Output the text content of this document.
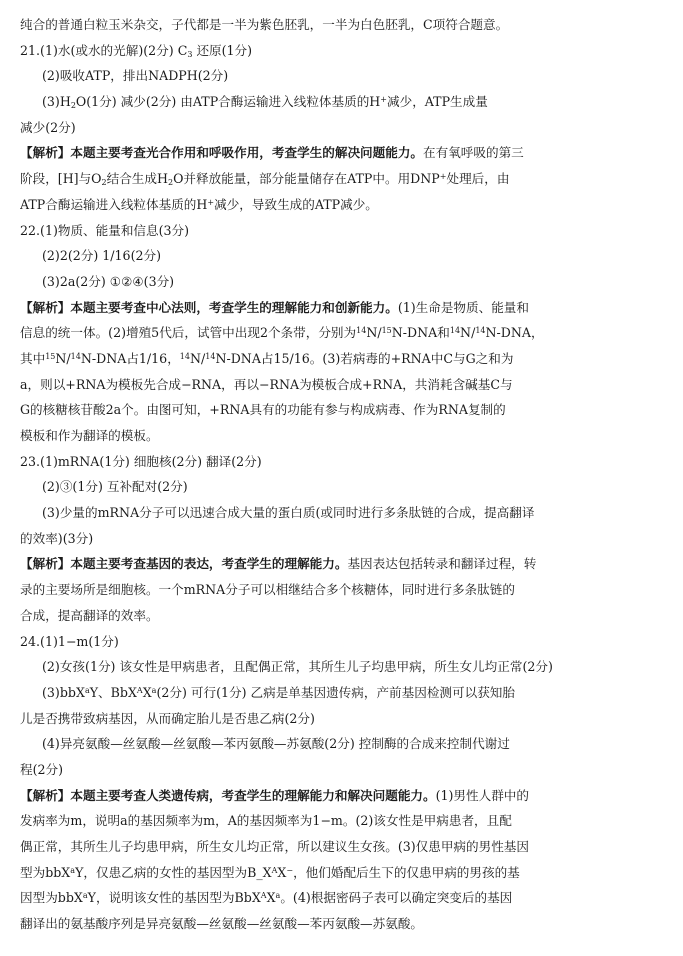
纯合的普通白粒玉米杂交，子代都是一半为紫色胚乳，一半为白色胚乳，C项符合题意。
21.(1)水(或水的光解)(2分) $C_3$ 还原(1分)
(2)吸收ATP，排出NADPH(2分)
$(3)H_2O(1$分) 减少(2分) 由ATP合酶运输进入线粒体基质的H+减少，ATP生成量
减少(2分)
【解析】本题主要考查光合作用和呼吸作用，考查学生的解决问题能力。在有氧呼吸的第三
阶段，[H]与$O_2$结合生成$H_2O$并释放能量，部分能量储存在ATP中。用DNP+处理后，由
ATP合酶运输进入线粒体基质的H+减少，导致生成的ATP减少。
22.(1)物质、能量和信息(3分)
(2)2(2分) 1/16(2分)
(3)2a(2分) ①②④(3分)
【解析】本题主要考查中心法则，考查学生的理解能力和创新能力。(1)生命是物质、能量和
信息的统一体。(2)增殖5代后，试管中出现2个条带，分别为$^{14}$N/$^{15}$N-DNA和$^{14}$N/$^{14}$N-DNA，
其中$^{15}$N/$^{14}$N-DNA占1/16，$^{14}$N/$^{14}$N-DNA占15/16。(3)若病毒的+RNA中C与G之和为
a，则以+RNA为模板先合成−RNA，再以−RNA为模板合成+RNA，共消耗含碱基C与
G的核糖核苷酸2a个。由图可知，+RNA具有的功能有参与构成病毒、作为RNA复制的
模板和作为翻译的模板。
23.(1)mRNA(1分) 细胞核(2分) 翻译(2分)
(2)③(1分) 互补配对(2分)
(3)少量的mRNA分子可以迅速合成大量的蛋白质(或同时进行多条肽链的合成，提高翻译
的效率)(3分)
【解析】本题主要考查基因的表达，考查学生的理解能力。基因表达包括转录和翻译过程，转
录的主要场所是细胞核。一个mRNA分子可以相继结合多个核糖体，同时进行多条肽链的
合成，提高翻译的效率。
24.(1)1−m(1分)
(2)女孩(1分) 该女性是甲病患者，且配偶正常，其所生儿子均患甲病，所生女儿均正常(2分)
(3)bbX$^a$Y、$BbX^AX^a(2$分) 可行(1分) 乙病是单基因遗传病，产前基因检测可以获知胎
儿是否携带致病基因，从而确定胎儿是否患乙病(2分)
(4)异亮氨酸—丝氨酸—丝氨酸—苯丙氨酸—苏氨酸(2分) 控制酶的合成来控制代谢过
程(2分)
【解析】本题主要考查人类遗传病，考查学生的理解能力和解决问题能力。(1)男性人群中的
发病率为m，说明a的基因频率为m，A的基因频率为1−m。(2)该女性是甲病患者，且配
偶正常，其所生儿子均患甲病，所生女儿均正常，所以建议生女孩。(3)仅患甲病的男性基因
型为bbX$^a$Y，仅患乙病的女性的基因型为$B\_X^AX^-$，他们婚配后生下的仅患甲病的男孩的基
因型为bbX$^a$Y，说明该女性的基因型为$BbX^AX^a$。(4)根据密码子表可以确定突变后的基因
翻译出的氨基酸序列是异亮氨酸—丝氨酸—丝氨酸—苯丙氨酸—苏氨酸。
